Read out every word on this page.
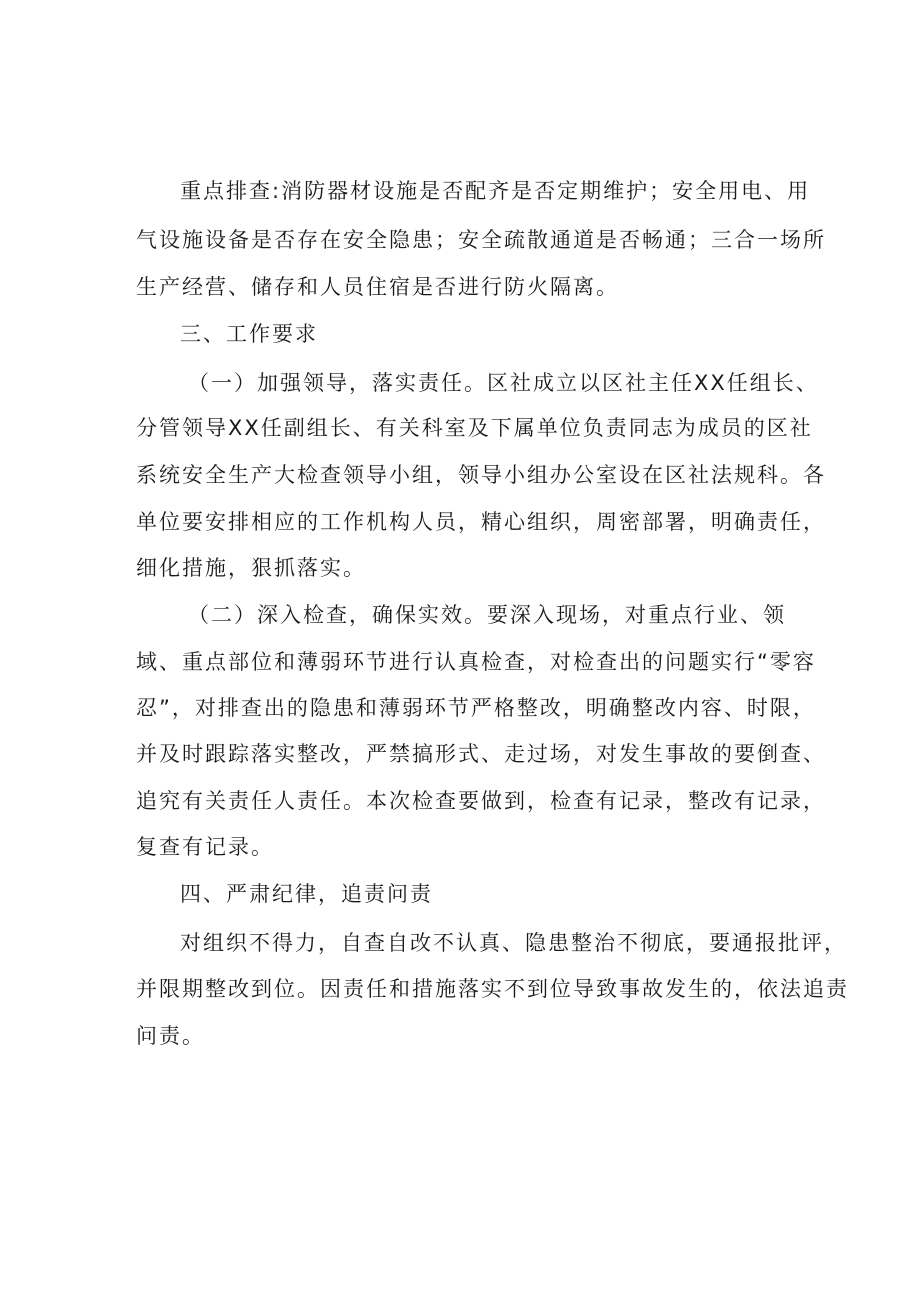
重点排查:消防器材设施是否配齐是否定期维护；安全用电、用
气设施设备是否存在安全隐患；安全疏散通道是否畅通；三合一场所
生产经营、储存和人员住宿是否进行防火隔离。
三、工作要求
（一）加强领导，落实责任。区社成立以区社主任XX任组长、
分管领导XX任副组长、有关科室及下属单位负责同志为成员的区社
系统安全生产大检查领导小组，领导小组办公室设在区社法规科。各
单位要安排相应的工作机构人员，精心组织，周密部署，明确责任，
细化措施，狠抓落实。
（二）深入检查，确保实效。要深入现场，对重点行业、领
域、重点部位和薄弱环节进行认真检查，对检查出的问题实行“零容
忍”，对排查出的隐患和薄弱环节严格整改，明确整改内容、时限，
并及时跟踪落实整改，严禁搞形式、走过场，对发生事故的要倒查、
追究有关责任人责任。本次检查要做到，检查有记录，整改有记录，
复查有记录。
四、严肃纪律，追责问责
对组织不得力，自查自改不认真、隐患整治不彻底，要通报批评，
并限期整改到位。因责任和措施落实不到位导致事故发生的，依法追责
问责。
